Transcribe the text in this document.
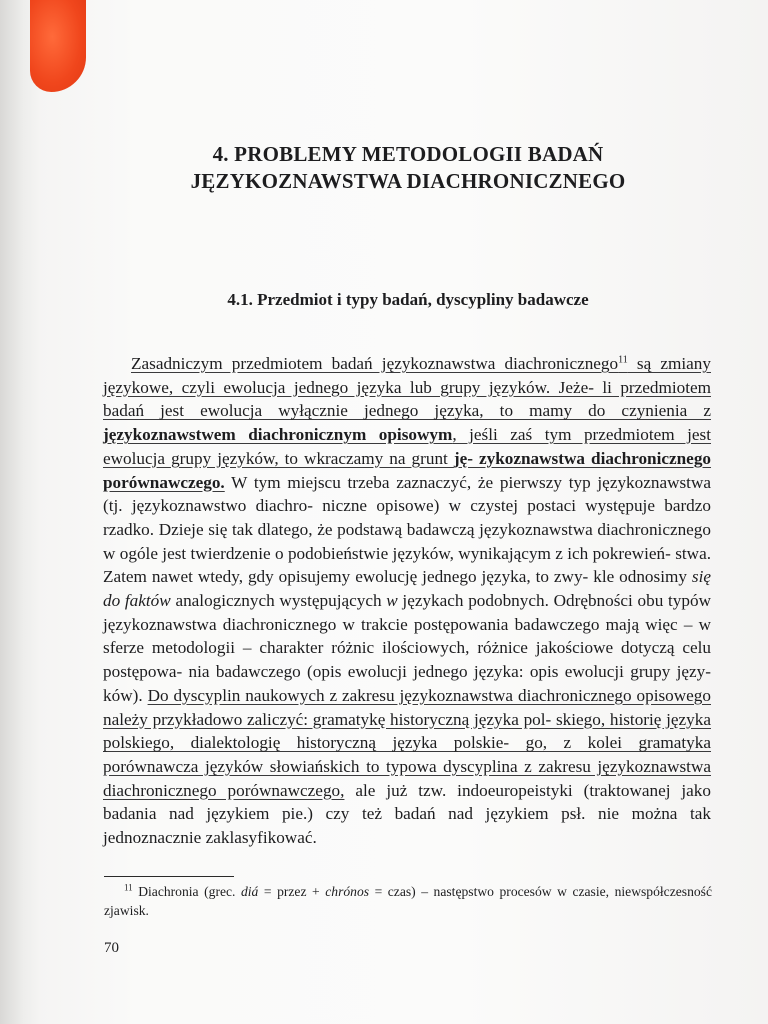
4. PROBLEMY METODOLOGII BADAŃ
JĘZYKOZNAWSTWA DIACHRONICZNEGO
4.1. Przedmiot i typy badań, dyscypliny badawcze

Zasadniczym przedmiotem badań językoznawstwa diachronicznego$^{11}$ są zmiany językowe, czyli ewolucja jednego języka lub grupy języków. Jeże- li przedmiotem badań jest ewolucja wyłącznie jednego języka, to mamy do czynienia z językoznawstwem diachronicznym opisowym, jeśli zaś tym przedmiotem jest ewolucja grupy języków, to wkraczamy na grunt ję- zykoznawstwa diachronicznego porównawczego. W tym miejscu trzeba zaznaczyć, że pierwszy typ językoznawstwa (tj. językoznawstwo diachro- niczne opisowe) w czystej postaci występuje bardzo rzadko. Dzieje się tak dlatego, że podstawą badawczą językoznawstwa diachronicznego w ogóle jest twierdzenie o podobieństwie języków, wynikającym z ich pokrewień- stwa. Zatem nawet wtedy, gdy opisujemy ewolucję jednego języka, to zwy- kle odnosimy się do faktów analogicznych występujących w językach podobnych. Odrębności obu typów językoznawstwa diachronicznego w trakcie postępowania badawczego mają więc – w sferze metodologii – charakter różnic ilościowych, różnice jakościowe dotyczą celu postępowa- nia badawczego (opis ewolucji jednego języka: opis ewolucji grupy języ- ków). Do dyscyplin naukowych z zakresu językoznawstwa diachronicznego opisowego należy przykładowo zaliczyć: gramatykę historyczną języka pol- skiego, historię języka polskiego, dialektologię historyczną języka polskie- go, z kolei gramatyka porównawcza języków słowiańskich to typowa dyscyplina z zakresu językoznawstwa diachronicznego porównawczego, ale już tzw. indoeuropeistyki (traktowanej jako badania nad językiem pie.) czy też badań nad językiem psł. nie można tak jednoznacznie zaklasyfikować.

$^{11}$ Diachronia (grec. diá = przez + chrónos = czas) – następstwo procesów w czasie, niewspółczesność zjawisk.
70
